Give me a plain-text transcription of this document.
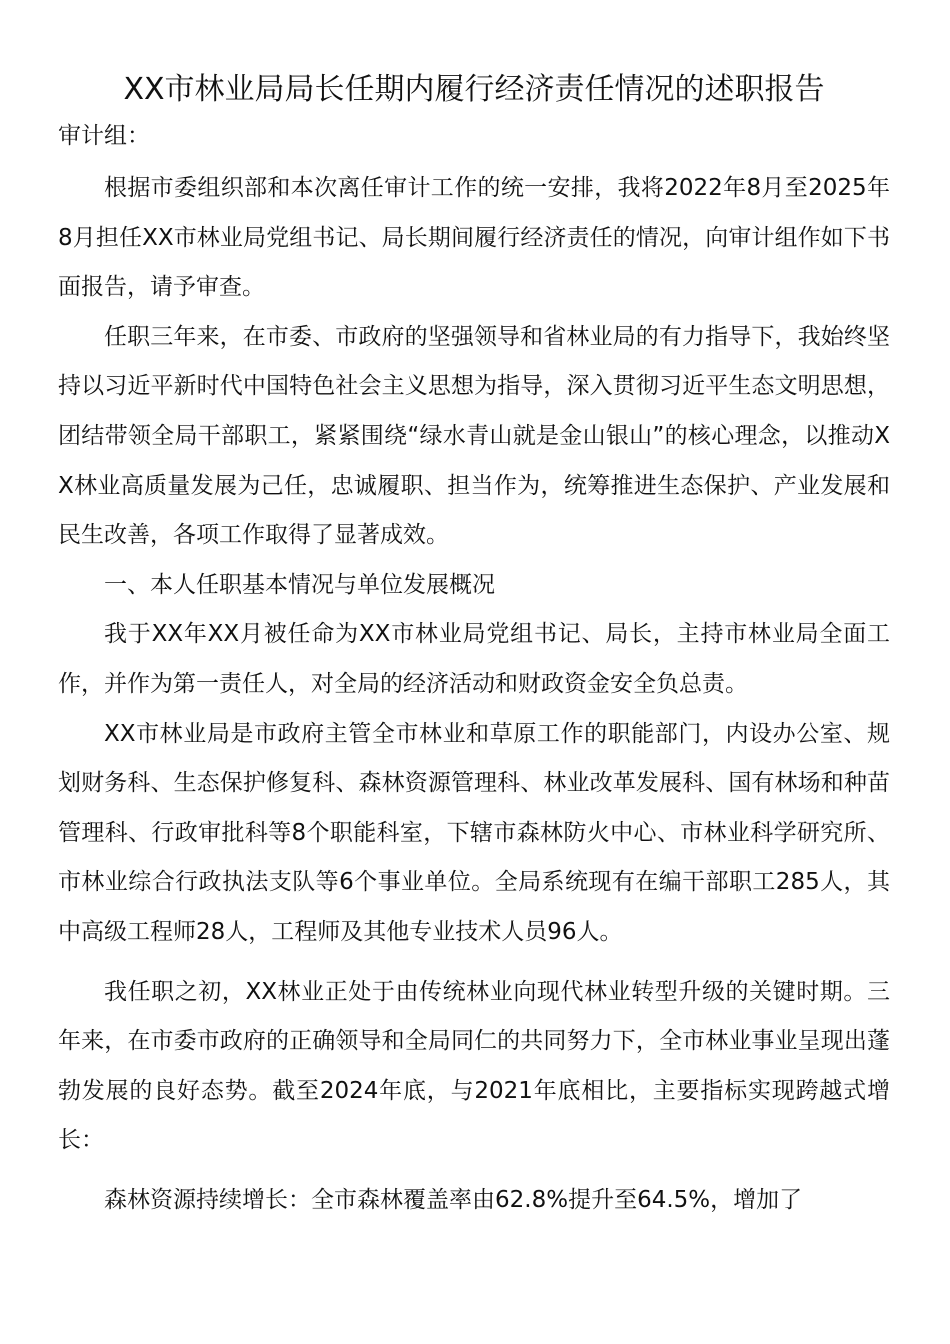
XX市林业局局长任期内履行经济责任情况的述职报告
审计组：

根据市委组织部和本次离任审计工作的统一安排，我将2022年8月至2025年8月担任XX市林业局党组书记、局长期间履行经济责任的情况，向审计组作如下书面报告，请予审查。

任职三年来，在市委、市政府的坚强领导和省林业局的有力指导下，我始终坚持以习近平新时代中国特色社会主义思想为指导，深入贯彻习近平生态文明思想，团结带领全局干部职工，紧紧围绕“绿水青山就是金山银山”的核心理念，以推动XX林业高质量发展为己任，忠诚履职、担当作为，统筹推进生态保护、产业发展和民生改善，各项工作取得了显著成效。

一、本人任职基本情况与单位发展概况

我于XX年XX月被任命为XX市林业局党组书记、局长，主持市林业局全面工作，并作为第一责任人，对全局的经济活动和财政资金安全负总责。

XX市林业局是市政府主管全市林业和草原工作的职能部门，内设办公室、规划财务科、生态保护修复科、森林资源管理科、林业改革发展科、国有林场和种苗管理科、行政审批科等8个职能科室，下辖市森林防火中心、市林业科学研究所、市林业综合行政执法支队等6个事业单位。全局系统现有在编干部职工285人，其中高级工程师28人，工程师及其他专业技术人员96人。

我任职之初，XX林业正处于由传统林业向现代林业转型升级的关键时期。三年来，在市委市政府的正确领导和全局同仁的共同努力下，全市林业事业呈现出蓬勃发展的良好态势。截至2024年底，与2021年底相比，主要指标实现跨越式增长：

森林资源持续增长：全市森林覆盖率由62.8%提升至64.5%，增加了
